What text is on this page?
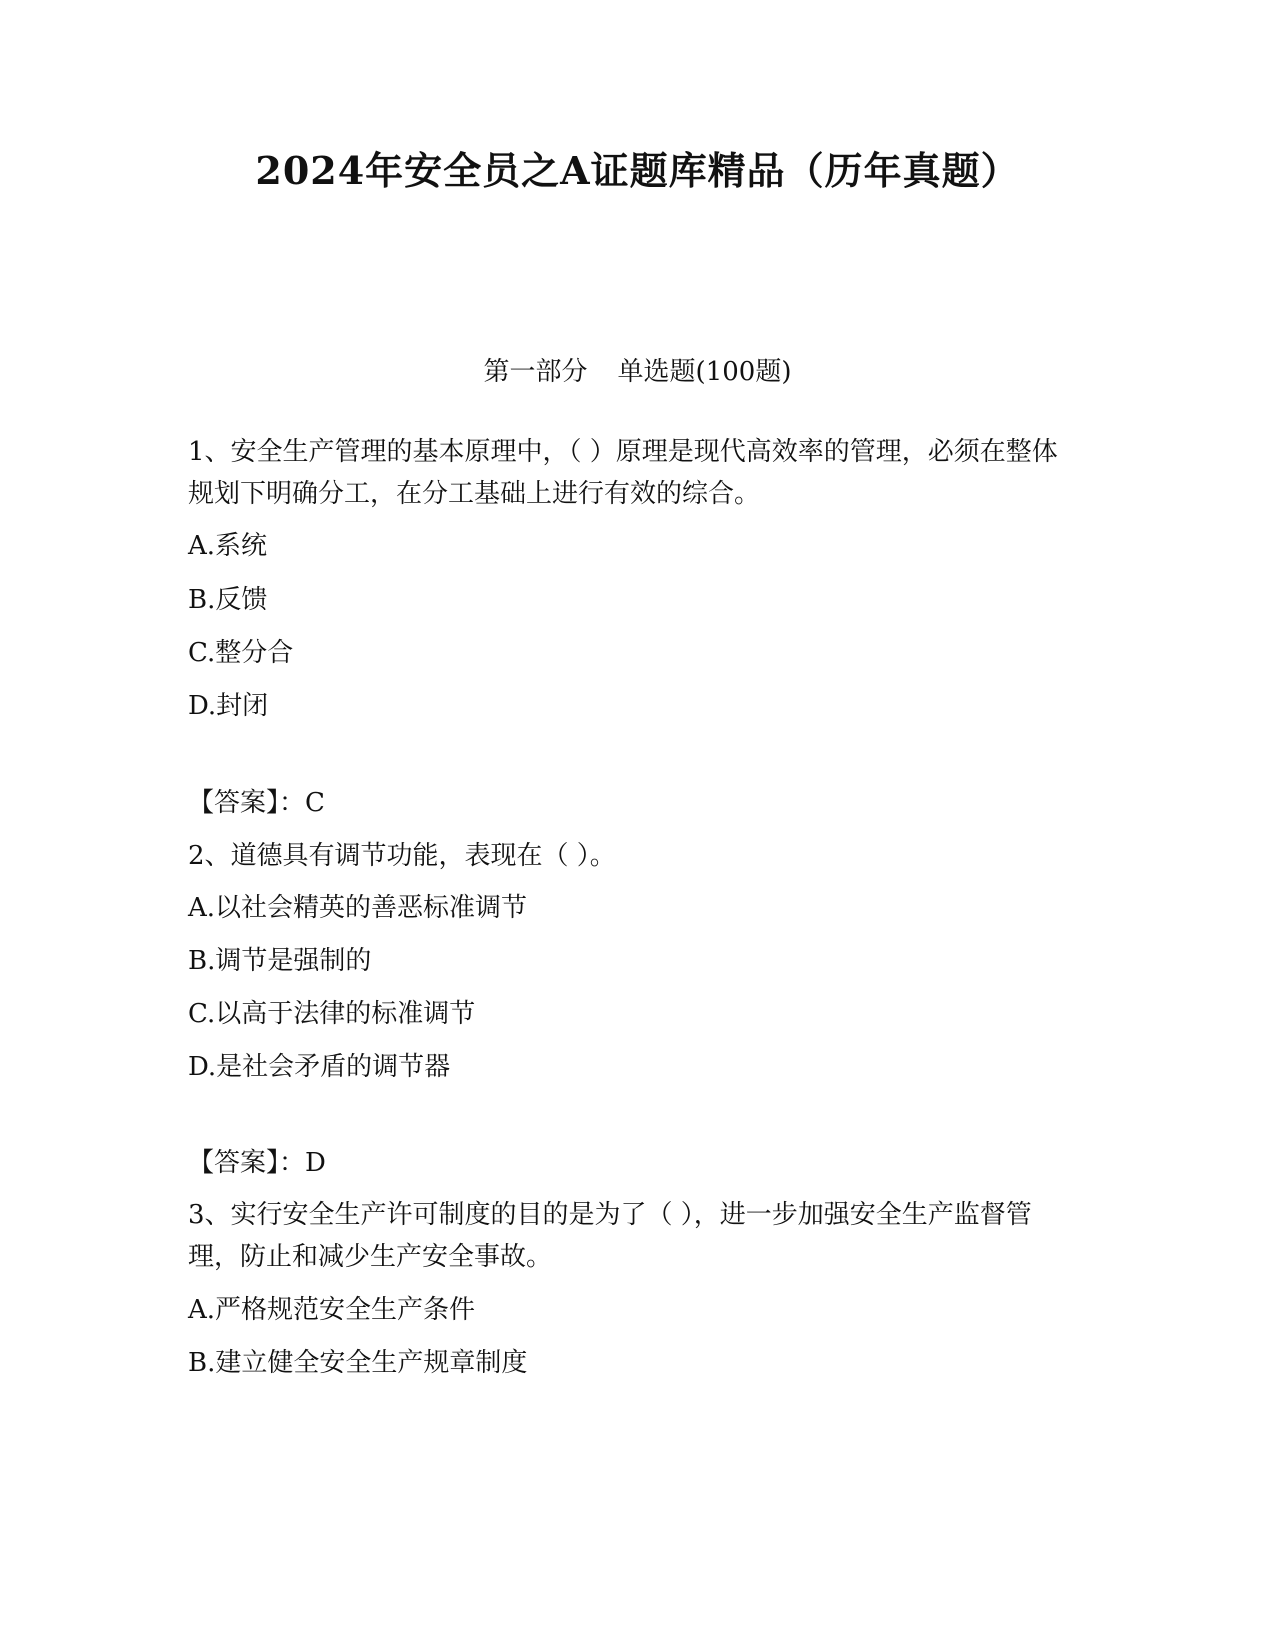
2024年安全员之A证题库精品（历年真题）
第一部分 单选题(100题)
1、安全生产管理的基本原理中，（ ）原理是现代高效率的管理，必须在整体规划下明确分工，在分工基础上进行有效的综合。
A.系统
B.反馈
C.整分合
D.封闭
【答案】：C
2、道德具有调节功能，表现在（ ）。
A.以社会精英的善恶标准调节
B.调节是强制的
C.以高于法律的标准调节
D.是社会矛盾的调节器
【答案】：D
3、实行安全生产许可制度的目的是为了（ ），进一步加强安全生产监督管理，防止和减少生产安全事故。
A.严格规范安全生产条件
B.建立健全安全生产规章制度
